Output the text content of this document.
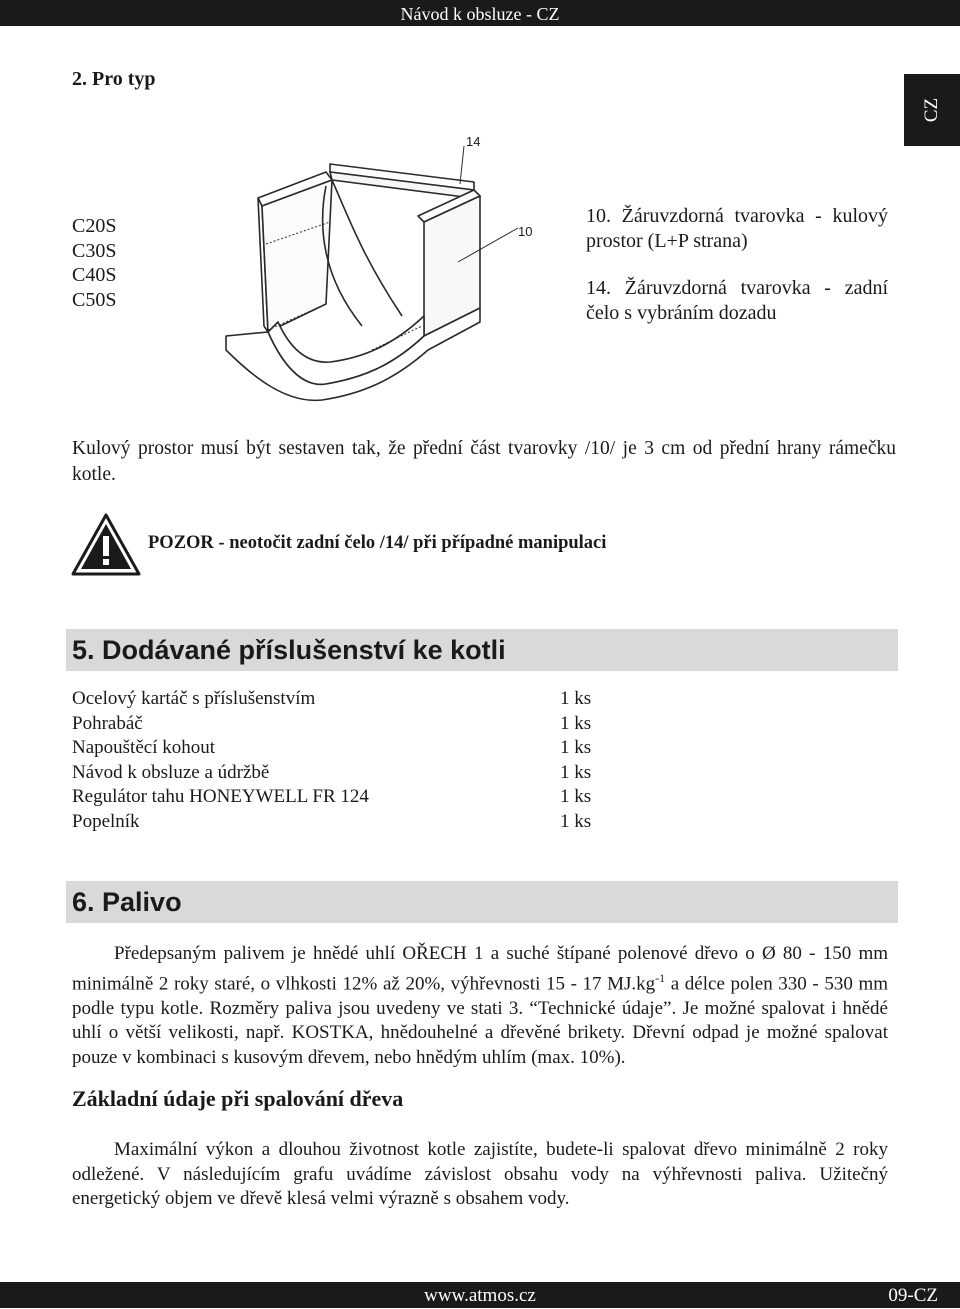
Návod k obsluze - CZ
CZ
2. Pro typ
C20S
C30S
C40S
C50S
14
10

10. Žáruvzdorná tvarovka - kulový prostor (L+P strana)

14. Žáruvzdorná tvarovka - zadní čelo s vybráním dozadu

Kulový prostor musí být sestaven tak, že přední část tvarovky /10/ je 3 cm od přední hrany rámečku kotle.
POZOR - neotočit zadní čelo /14/ při případné manipulaci
5. Dodávané příslušenství ke kotli
Ocelový kartáč s příslušenstvím	1 ks
Pohrabáč	1 ks
Napouštěcí kohout	1 ks
Návod k obsluze a údržbě	1 ks
Regulátor tahu HONEYWELL FR 124	1 ks
Popelník	1 ks
6. Palivo
Předepsaným palivem je hnědé uhlí OŘECH 1 a suché štípané polenové dřevo o Ø 80 - 150 mm minimálně 2 roky staré, o vlhkosti 12% až 20%, výhřevnosti 15 - 17 $MJ.kg^{-1}$ a délce polen 330 - 530 mm podle typu kotle. Rozměry paliva jsou uvedeny ve stati 3. “Technické údaje”. Je možné spalovat i hnědé uhlí o větší velikosti, např. KOSTKA, hnědouhelné a dřevěné brikety. Dřevní odpad je možné spalovat pouze v kombinaci s kusovým dřevem, nebo hnědým uhlím (max. 10%).
Základní údaje při spalování dřeva
Maximální výkon a dlouhou životnost kotle zajistíte, budete-li spalovat dřevo minimálně 2 roky odležené. V následujícím grafu uvádíme závislost obsahu vody na výhřevnosti paliva. Užitečný energetický objem ve dřevě klesá velmi výrazně s obsahem vody.
www.atmos.cz	09-CZ
